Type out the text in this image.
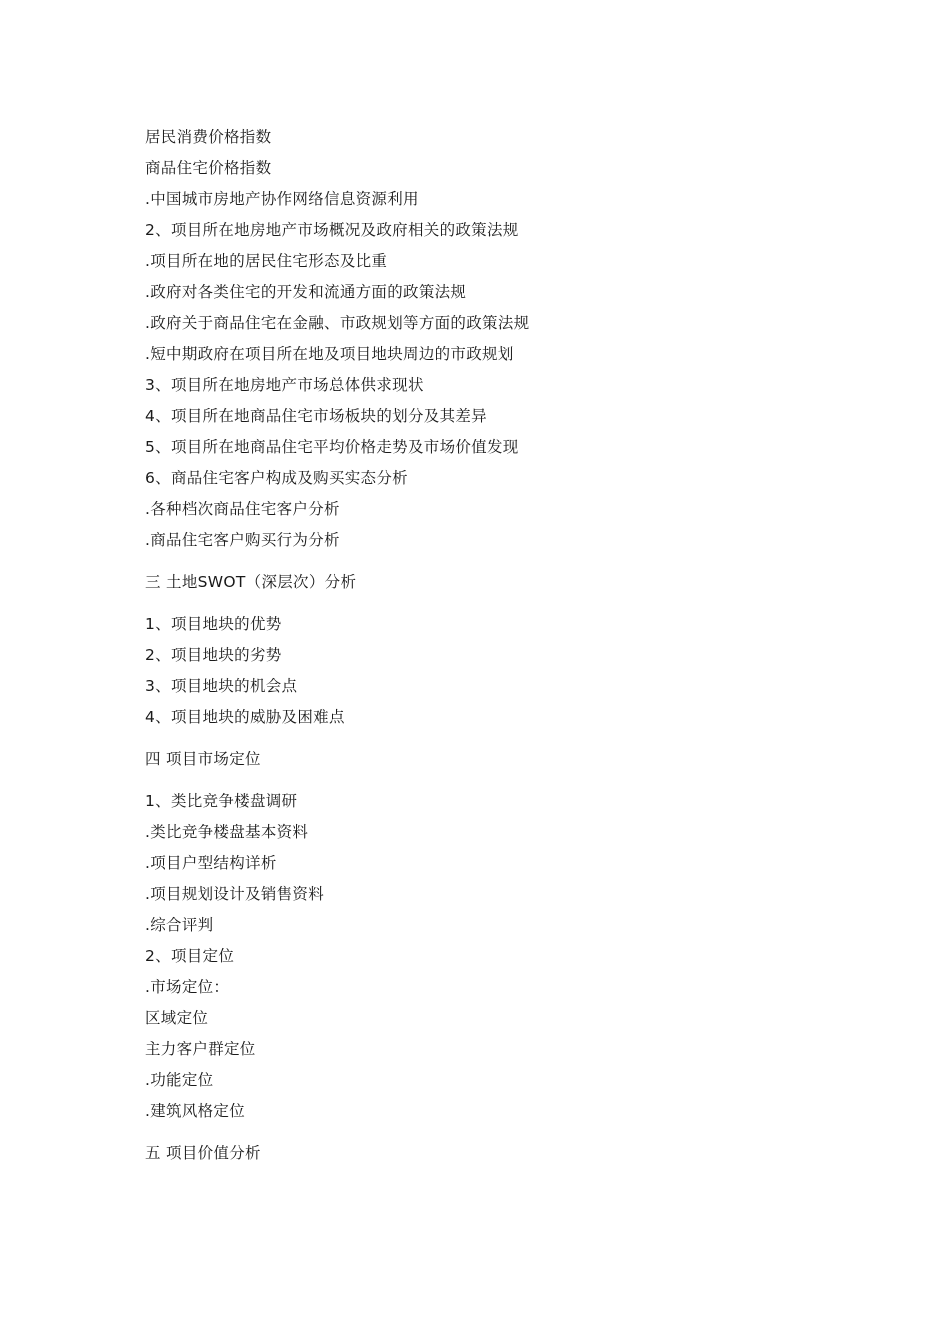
居民消费价格指数
商品住宅价格指数
.中国城市房地产协作网络信息资源利用
2、项目所在地房地产市场概况及政府相关的政策法规
.项目所在地的居民住宅形态及比重
.政府对各类住宅的开发和流通方面的政策法规
.政府关于商品住宅在金融、市政规划等方面的政策法规
.短中期政府在项目所在地及项目地块周边的市政规划
3、项目所在地房地产市场总体供求现状
4、项目所在地商品住宅市场板块的划分及其差异
5、项目所在地商品住宅平均价格走势及市场价值发现
6、商品住宅客户构成及购买实态分析
.各种档次商品住宅客户分析
.商品住宅客户购买行为分析
三 土地SWOT（深层次）分析
1、项目地块的优势
2、项目地块的劣势
3、项目地块的机会点
4、项目地块的威胁及困难点
四 项目市场定位
1、类比竞争楼盘调研
.类比竞争楼盘基本资料
.项目户型结构详析
.项目规划设计及销售资料
.综合评判
2、项目定位
.市场定位：
区域定位
主力客户群定位
.功能定位
.建筑风格定位
五 项目价值分析
